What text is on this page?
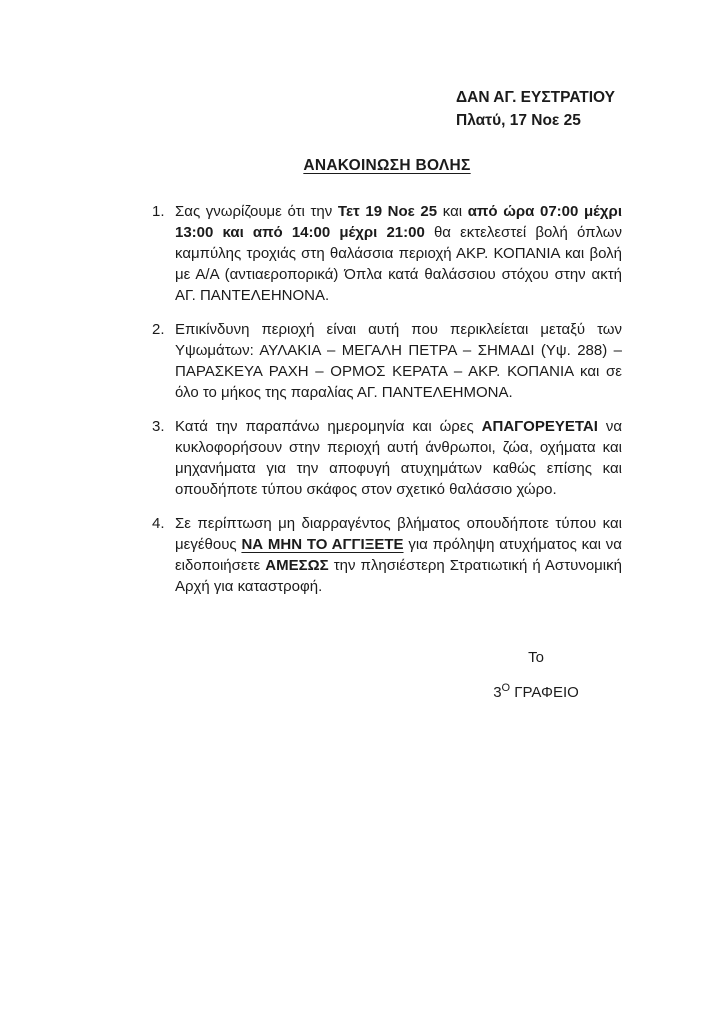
ΔΑΝ ΑΓ. ΕΥΣΤΡΑΤΙΟΥ
Πλατύ, 17 Νοε 25
ΑΝΑΚΟΙΝΩΣΗ ΒΟΛΗΣ
1. Σας γνωρίζουμε ότι την Τετ 19 Νοε 25 και από ώρα 07:00 μέχρι 13:00 και από 14:00 μέχρι 21:00 θα εκτελεστεί βολή όπλων καμπύλης τροχιάς στη θαλάσσια περιοχή ΑΚΡ. ΚΟΠΑΝΙΑ και βολή με Α/Α (αντιαεροπορικά) Όπλα κατά θαλάσσιου στόχου στην ακτή ΑΓ. ΠΑΝΤΕΛΕΗΝΟΝΑ.
2. Επικίνδυνη περιοχή είναι αυτή που περικλείεται μεταξύ των Υψωμάτων: ΑΥΛΑΚΙΑ – ΜΕΓΑΛΗ ΠΕΤΡΑ – ΣΗΜΑΔΙ (Υψ. 288) – ΠΑΡΑΣΚΕΥΑ ΡΑΧΗ – ΟΡΜΟΣ ΚΕΡΑΤΑ – ΑΚΡ. ΚΟΠΑΝΙΑ και σε όλο το μήκος της παραλίας ΑΓ. ΠΑΝΤΕΛΕΗΜΟΝΑ.
3. Κατά την παραπάνω ημερομηνία και ώρες ΑΠΑΓΟΡΕΥΕΤΑΙ να κυκλοφορήσουν στην περιοχή αυτή άνθρωποι, ζώα, οχήματα και μηχανήματα για την αποφυγή ατυχημάτων καθώς επίσης και οπουδήποτε τύπου σκάφος στον σχετικό θαλάσσιο χώρο.
4. Σε περίπτωση μη διαρραγέντος βλήματος οπουδήποτε τύπου και μεγέθους ΝΑ ΜΗΝ ΤΟ ΑΓΓΙΞΕΤΕ για πρόληψη ατυχήματος και να ειδοποιήσετε ΑΜΕΣΩΣ την πλησιέστερη Στρατιωτική ή Αστυνομική Αρχή για καταστροφή.
Το
$3^O$ ΓΡΑΦΕΙΟ
